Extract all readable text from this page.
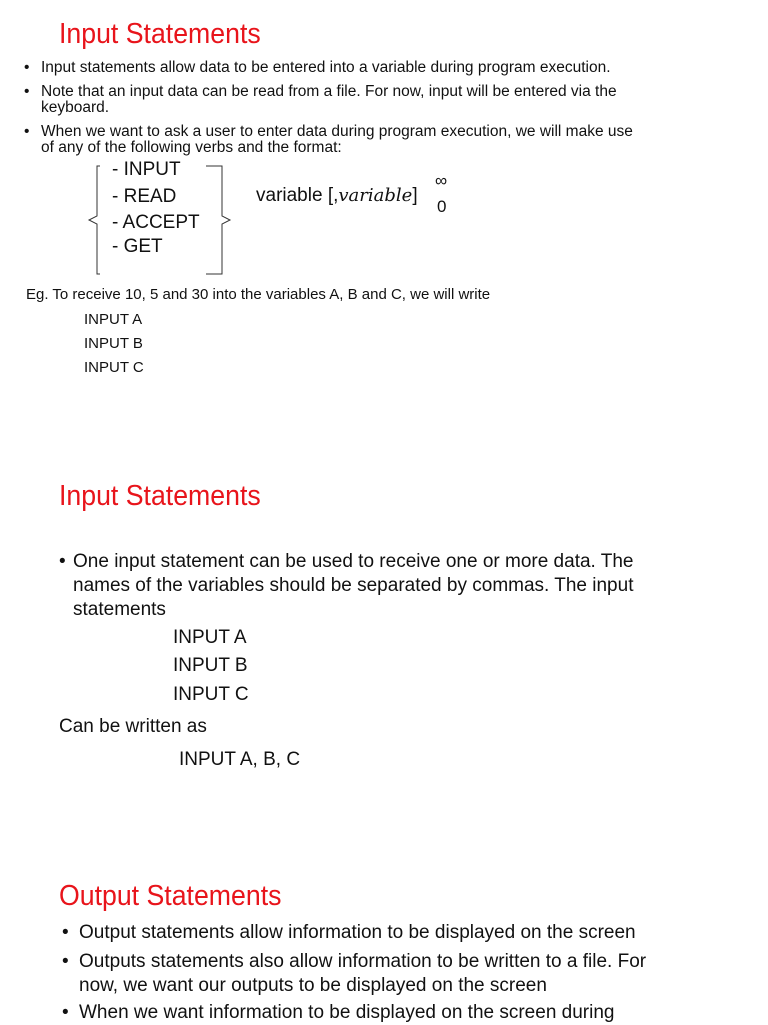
Input Statements
• Input statements allow data to be entered into a variable during program execution.
• Note that an input data can be read from a file. For now, input will be entered via the
keyboard.
• When we want to ask a user to enter data during program execution, we will make use
of any of the following verbs and the format:
- INPUT
- READ
- ACCEPT
- GET
variable [,variable]
∞
0
Eg. To receive 10, 5 and 30 into the variables A, B and C, we will write
INPUT A
INPUT B
INPUT C
Input Statements
• One input statement can be used to receive one or more data. The
names of the variables should be separated by commas. The input
statements
INPUT A
INPUT B
INPUT C
Can be written as
INPUT A, B, C
Output Statements
• Output statements allow information to be displayed on the screen
• Outputs statements also allow information to be written to a file. For
now, we want our outputs to be displayed on the screen
• When we want information to be displayed on the screen during
